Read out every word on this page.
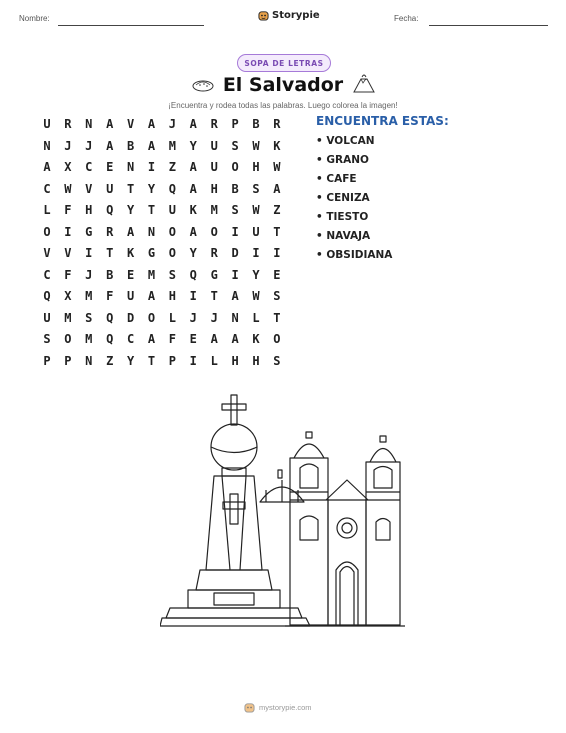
Nombre:	Fecha:
Storypie
SOPA DE LETRAS
El Salvador
¡Encuentra y rodea todas las palabras. Luego colorea la imagen!
U	R	N	A	V	A	J	A	R	P	B	R
N	J	J	A	B	A	M	Y	U	S	W	K
A	X	C	E	N	I	Z	A	U	O	H	W
C	W	V	U	T	Y	Q	A	H	B	S	A
L	F	H	Q	Y	T	U	K	M	S	W	Z
O	I	G	R	A	N	O	A	O	I	U	T
V	V	I	T	K	G	O	Y	R	D	I	I
C	F	J	B	E	M	S	Q	G	I	Y	E
Q	X	M	F	U	A	H	I	T	A	W	S
U	M	S	Q	D	O	L	J	J	N	L	T
S	O	M	Q	C	A	F	E	A	A	K	O
P	P	N	Z	Y	T	P	I	L	H	H	S
ENCUENTRA ESTAS:
• VOLCAN
• GRANO
• CAFE
• CENIZA
• TIESTO
• NAVAJA
• OBSIDIANA
mystorypie.com
